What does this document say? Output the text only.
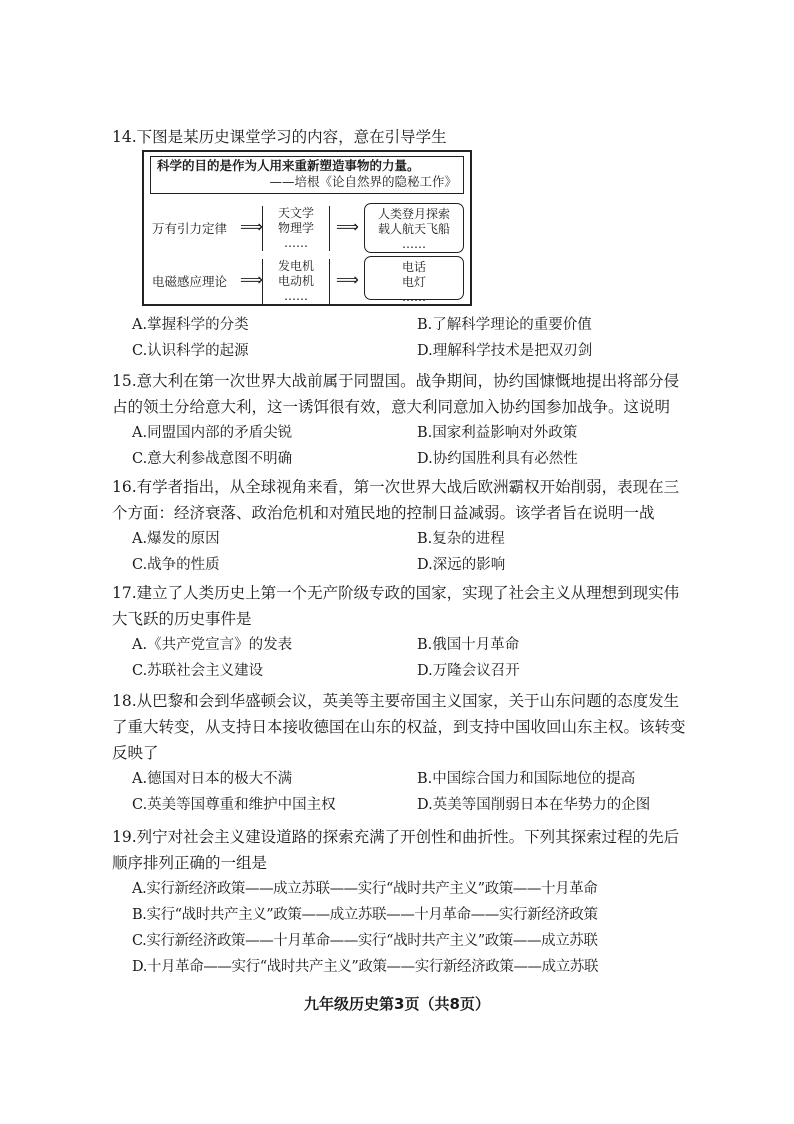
14.下图是某历史课堂学习的内容，意在引导学生

科学的目的是作为人用来重新塑造事物的力量。
——培根《论自然界的隐秘工作》
万有引力定律 ⟹
天文学
物理学
……
⟹
人类登月探索
载人航天飞船
……
电磁感应理论 ⟹
发电机
电动机
……
⟹
电话
电灯
……
A.掌握科学的分类	B.了解科学理论的重要价值
C.认识科学的起源	D.理解科学技术是把双刃剑

15.意大利在第一次世界大战前属于同盟国。战争期间，协约国慷慨地提出将部分侵占的领土分给意大利，这一诱饵很有效，意大利同意加入协约国参加战争。这说明

A.同盟国内部的矛盾尖锐	B.国家利益影响对外政策
C.意大利参战意图不明确	D.协约国胜利具有必然性

16.有学者指出，从全球视角来看，第一次世界大战后欧洲霸权开始削弱，表现在三个方面：经济衰落、政治危机和对殖民地的控制日益减弱。该学者旨在说明一战

A.爆发的原因	B.复杂的进程
C.战争的性质	D.深远的影响

17.建立了人类历史上第一个无产阶级专政的国家，实现了社会主义从理想到现实伟大飞跃的历史事件是

A.《共产党宣言》的发表	B.俄国十月革命
C.苏联社会主义建设	D.万隆会议召开

18.从巴黎和会到华盛顿会议，英美等主要帝国主义国家，关于山东问题的态度发生了重大转变，从支持日本接收德国在山东的权益，到支持中国收回山东主权。该转变反映了

A.德国对日本的极大不满	B.中国综合国力和国际地位的提高
C.英美等国尊重和维护中国主权	D.英美等国削弱日本在华势力的企图

19.列宁对社会主义建设道路的探索充满了开创性和曲折性。下列其探索过程的先后顺序排列正确的一组是

A.实行新经济政策——成立苏联——实行“战时共产主义”政策——十月革命
B.实行“战时共产主义”政策——成立苏联——十月革命——实行新经济政策
C.实行新经济政策——十月革命——实行“战时共产主义”政策——成立苏联
D.十月革命——实行“战时共产主义”政策——实行新经济政策——成立苏联
九年级历史第3页（共8页）
